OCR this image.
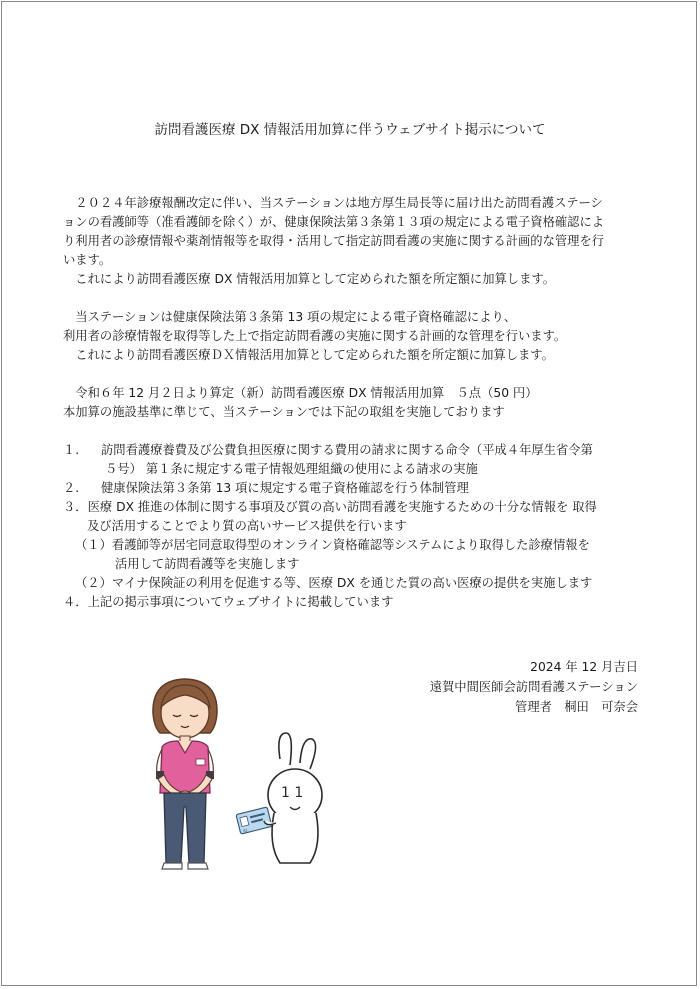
訪問看護医療 DX 情報活用加算に伴うウェブサイト掲示について
　２０２４年診療報酬改定に伴い、当ステーションは地方厚生局長等に届け出た訪問看護ステーシ
ョンの看護師等（准看護師を除く）が、健康保険法第３条第１３項の規定による電子資格確認によ
り利用者の診療情報や薬剤情報等を取得・活用して指定訪問看護の実施に関する計画的な管理を行
います。
　これにより訪問看護医療 DX 情報活用加算として定められた額を所定額に加算します。
　当ステーションは健康保険法第３条第 13 項の規定による電子資格確認により、
利用者の診療情報を取得等した上で指定訪問看護の実施に関する計画的な管理を行います。
　これにより訪問看護医療ＤＸ情報活用加算として定められた額を所定額に加算します。
　令和６年 12 月２日より算定（新）訪問看護医療 DX 情報活用加算　５点（50 円）
本加算の施設基準に準じて、当ステーションでは下記の取組を実施しております
１. 訪問看護療養費及び公費負担医療に関する費用の請求に関する命令（平成４年厚生省令第
５号） 第１条に規定する電子情報処理組織の使用による請求の実施
２. 健康保険法第３条第 13 項に規定する電子資格確認を行う体制管理
３．医療 DX 推進の体制に関する事項及び質の高い訪問看護を実施するための十分な情報を 取得
及び活用することでより質の高いサービス提供を行います
（１）看護師等が居宅同意取得型のオンライン資格確認等システムにより取得した診療情報を
活用して訪問看護等を実施します
（２）マイナ保険証の利用を促進する等、医療 DX を通じた質の高い医療の提供を実施します
４．上記の掲示事項についてウェブサイトに掲載しています
2024 年 12 月吉日
遠賀中間医師会訪問看護ステーション
管理者　桐田　可奈会
1 1
ID
